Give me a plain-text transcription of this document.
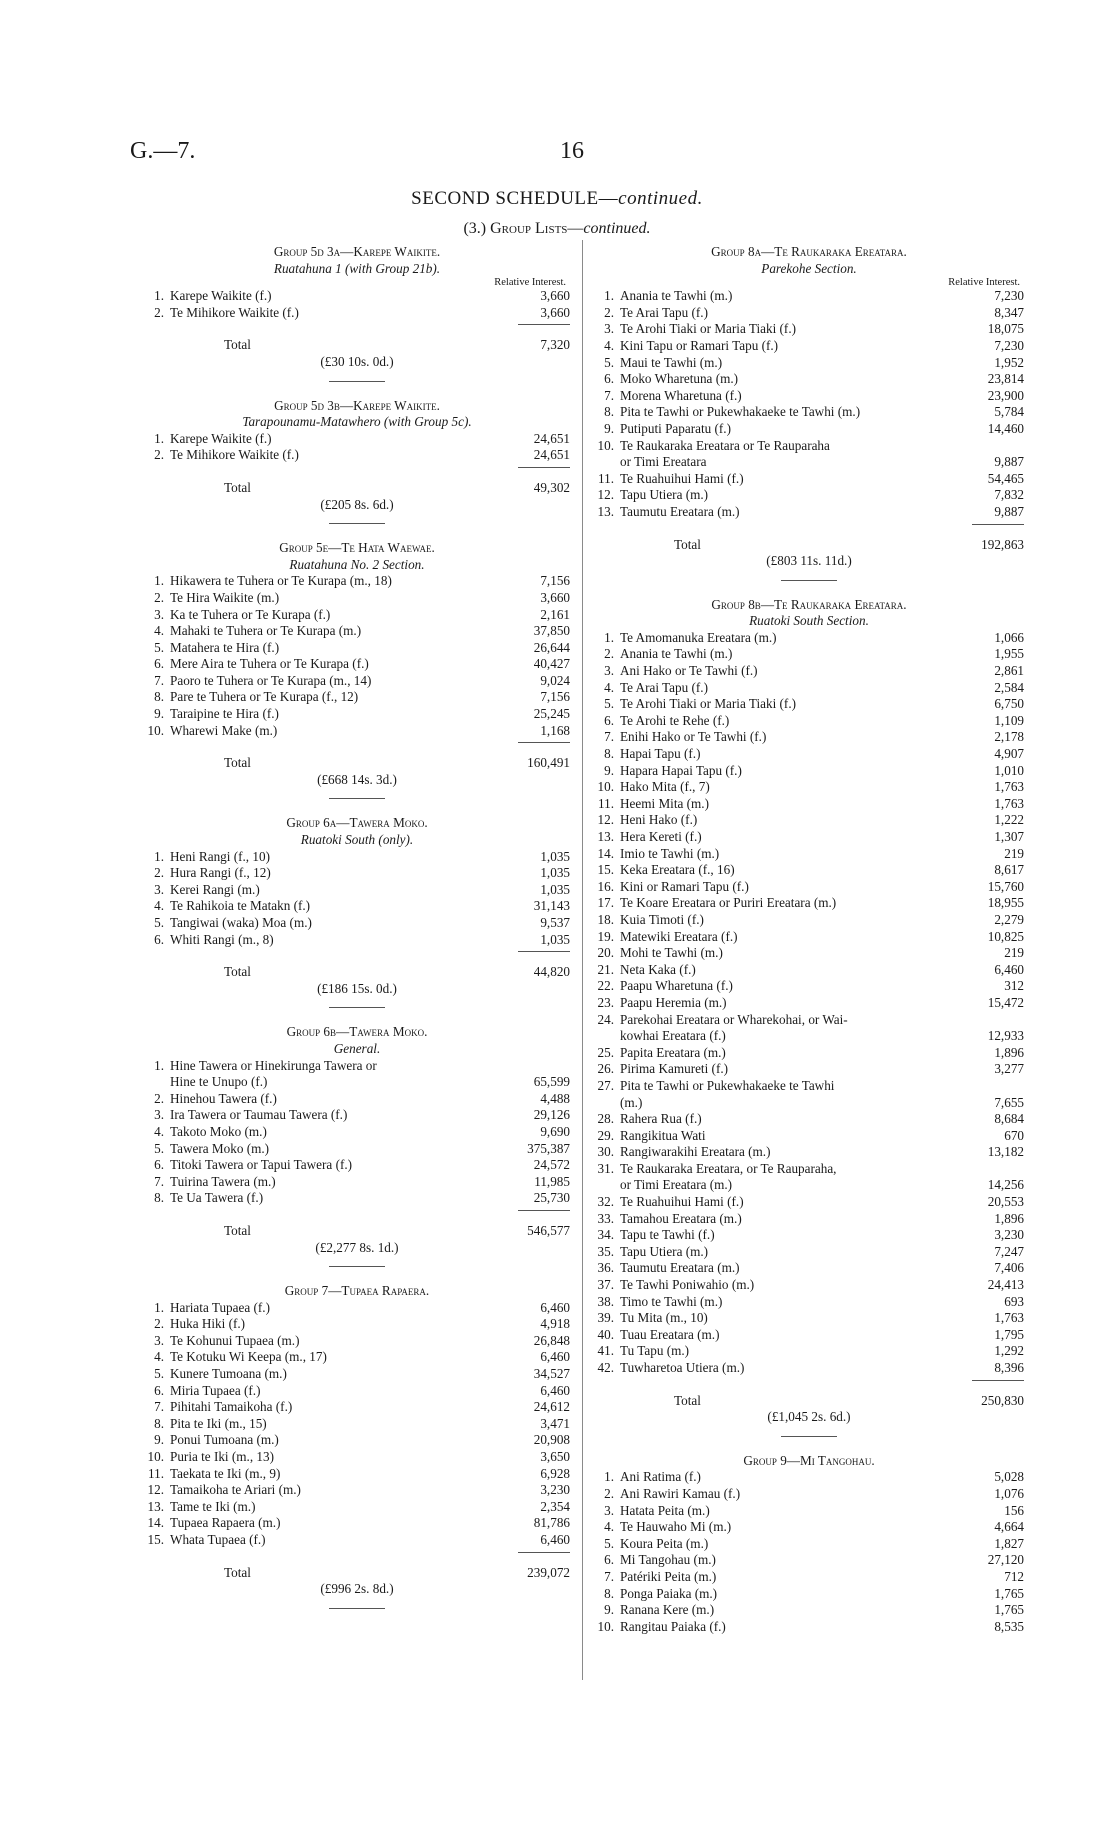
G.—7.	16
SECOND SCHEDULE—continued.
(3.) Group Lists—continued.
Group 5d 3a—Karepe Waikite.
Ruatahuna 1 (with Group 21b).
Relative Interest.
1. Karepe Waikite (f.)	3,660
2. Te Mihikore Waikite (f.)	3,660
Total	7,320
(£30 10s. 0d.)
Group 5d 3b—Karepe Waikite.
Tarapounamu-Matawhero (with Group 5c).
1. Karepe Waikite (f.)	24,651
2. Te Mihikore Waikite (f.)	24,651
Total	49,302
(£205 8s. 6d.)
Group 5e—Te Hata Waewae.
Ruatahuna No. 2 Section.
1. Hikawera te Tuhera or Te Kurapa (m., 18)	7,156
2. Te Hira Waikite (m.)	3,660
3. Ka te Tuhera or Te Kurapa (f.)	2,161
4. Mahaki te Tuhera or Te Kurapa (m.)	37,850
5. Matahera te Hira (f.)	26,644
6. Mere Aira te Tuhera or Te Kurapa (f.)	40,427
7. Paoro te Tuhera or Te Kurapa (m., 14)	9,024
8. Pare te Tuhera or Te Kurapa (f., 12)	7,156
9. Taraipine te Hira (f.)	25,245
10. Wharewi Make (m.)	1,168
Total	160,491
(£668 14s. 3d.)
Group 6a—Tawera Moko.
Ruatoki South (only).
1. Heni Rangi (f., 10)	1,035
2. Hura Rangi (f., 12)	1,035
3. Kerei Rangi (m.)	1,035
4. Te Rahikoia te Matakn (f.)	31,143
5. Tangiwai (waka) Moa (m.)	9,537
6. Whiti Rangi (m., 8)	1,035
Total	44,820
(£186 15s. 0d.)
Group 6b—Tawera Moko.
General.
1. Hine Tawera or Hinekirunga Tawera or
Hine te Unupo (f.)	65,599
2. Hinehou Tawera (f.)	4,488
3. Ira Tawera or Taumau Tawera (f.)	29,126
4. Takoto Moko (m.)	9,690
5. Tawera Moko (m.)	375,387
6. Titoki Tawera or Tapui Tawera (f.)	24,572
7. Tuirina Tawera (m.)	11,985
8. Te Ua Tawera (f.)	25,730
Total	546,577
(£2,277 8s. 1d.)
Group 7—Tupaea Rapaera.
1. Hariata Tupaea (f.)	6,460
2. Huka Hiki (f.)	4,918
3. Te Kohunui Tupaea (m.)	26,848
4. Te Kotuku Wi Keepa (m., 17)	6,460
5. Kunere Tumoana (m.)	34,527
6. Miria Tupaea (f.)	6,460
7. Pihitahi Tamaikoha (f.)	24,612
8. Pita te Iki (m., 15)	3,471
9. Ponui Tumoana (m.)	20,908
10. Puria te Iki (m., 13)	3,650
11. Taekata te Iki (m., 9)	6,928
12. Tamaikoha te Ariari (m.)	3,230
13. Tame te Iki (m.)	2,354
14. Tupaea Rapaera (m.)	81,786
15. Whata Tupaea (f.)	6,460
Total	239,072
(£996 2s. 8d.)
Group 8a—Te Raukaraka Ereatara.
Parekohe Section.
Relative Interest.
1. Anania te Tawhi (m.)	7,230
2. Te Arai Tapu (f.)	8,347
3. Te Arohi Tiaki or Maria Tiaki (f.)	18,075
4. Kini Tapu or Ramari Tapu (f.)	7,230
5. Maui te Tawhi (m.)	1,952
6. Moko Wharetuna (m.)	23,814
7. Morena Wharetuna (f.)	23,900
8. Pita te Tawhi or Pukewhakaeke te Tawhi (m.)	5,784
9. Putiputi Paparatu (f.)	14,460
10. Te Raukaraka Ereatara or Te Rauparaha
or Timi Ereatara	9,887
11. Te Ruahuihui Hami (f.)	54,465
12. Tapu Utiera (m.)	7,832
13. Taumutu Ereatara (m.)	9,887
Total	192,863
(£803 11s. 11d.)
Group 8b—Te Raukaraka Ereatara.
Ruatoki South Section.
1. Te Amomanuka Ereatara (m.)	1,066
2. Anania te Tawhi (m.)	1,955
3. Ani Hako or Te Tawhi (f.)	2,861
4. Te Arai Tapu (f.)	2,584
5. Te Arohi Tiaki or Maria Tiaki (f.)	6,750
6. Te Arohi te Rehe (f.)	1,109
7. Enihi Hako or Te Tawhi (f.)	2,178
8. Hapai Tapu (f.)	4,907
9. Hapara Hapai Tapu (f.)	1,010
10. Hako Mita (f., 7)	1,763
11. Heemi Mita (m.)	1,763
12. Heni Hako (f.)	1,222
13. Hera Kereti (f.)	1,307
14. Imio te Tawhi (m.)	219
15. Keka Ereatara (f., 16)	8,617
16. Kini or Ramari Tapu (f.)	15,760
17. Te Koare Ereatara or Puriri Ereatara (m.)	18,955
18. Kuia Timoti (f.)	2,279
19. Matewiki Ereatara (f.)	10,825
20. Mohi te Tawhi (m.)	219
21. Neta Kaka (f.)	6,460
22. Paapu Wharetuna (f.)	312
23. Paapu Heremia (m.)	15,472
24. Parekohai Ereatara or Wharekohai, or Wai-
kowhai Ereatara (f.)	12,933
25. Papita Ereatara (m.)	1,896
26. Pirima Kamureti (f.)	3,277
27. Pita te Tawhi or Pukewhakaeke te Tawhi
(m.)	7,655
28. Rahera Rua (f.)	8,684
29. Rangikitua Wati	670
30. Rangiwarakihi Ereatara (m.)	13,182
31. Te Raukaraka Ereatara, or Te Rauparaha,
or Timi Ereatara (m.)	14,256
32. Te Ruahuihui Hami (f.)	20,553
33. Tamahou Ereatara (m.)	1,896
34. Tapu te Tawhi (f.)	3,230
35. Tapu Utiera (m.)	7,247
36. Taumutu Ereatara (m.)	7,406
37. Te Tawhi Poniwahio (m.)	24,413
38. Timo te Tawhi (m.)	693
39. Tu Mita (m., 10)	1,763
40. Tuau Ereatara (m.)	1,795
41. Tu Tapu (m.)	1,292
42. Tuwharetoa Utiera (m.)	8,396
Total	250,830
(£1,045 2s. 6d.)
Group 9—Mi Tangohau.
1. Ani Ratima (f.)	5,028
2. Ani Rawiri Kamau (f.)	1,076
3. Hatata Peita (m.)	156
4. Te Hauwaho Mi (m.)	4,664
5. Koura Peita (m.)	1,827
6. Mi Tangohau (m.)	27,120
7. Patériki Peita (m.)	712
8. Ponga Paiaka (m.)	1,765
9. Ranana Kere (m.)	1,765
10. Rangitau Paiaka (f.)	8,535
